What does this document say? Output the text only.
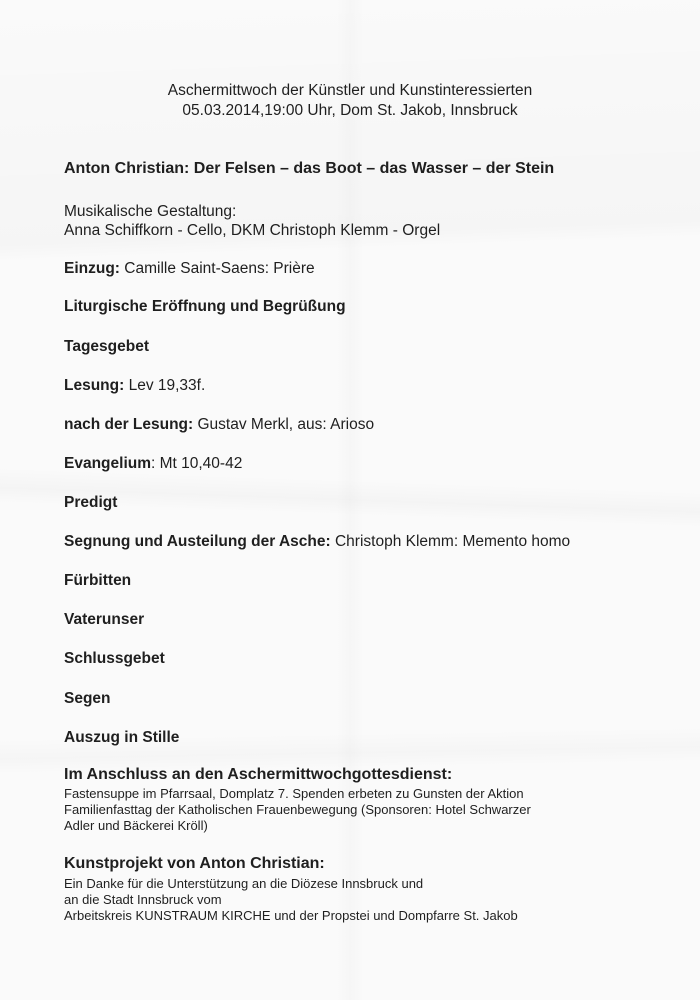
Aschermittwoch der Künstler und Kunstinteressierten
05.03.2014,19:00 Uhr, Dom St. Jakob, Innsbruck
Anton Christian: Der Felsen – das Boot – das Wasser – der Stein
Musikalische Gestaltung:
Anna Schiffkorn - Cello, DKM Christoph Klemm - Orgel
Einzug: Camille Saint-Saens: Prière
Liturgische Eröffnung und Begrüßung
Tagesgebet
Lesung: Lev 19,33f.
nach der Lesung: Gustav Merkl, aus: Arioso
Evangelium: Mt 10,40-42
Predigt
Segnung und Austeilung der Asche: Christoph Klemm: Memento homo
Fürbitten
Vaterunser
Schlussgebet
Segen
Auszug in Stille
Im Anschluss an den Aschermittwochgottesdienst:
Fastensuppe im Pfarrsaal, Domplatz 7. Spenden erbeten zu Gunsten der Aktion
Familienfasttag der Katholischen Frauenbewegung (Sponsoren: Hotel Schwarzer
Adler und Bäckerei Kröll)
Kunstprojekt von Anton Christian:
Ein Danke für die Unterstützung an die Diözese Innsbruck und
an die Stadt Innsbruck vom
Arbeitskreis KUNSTRAUM KIRCHE und der Propstei und Dompfarre St. Jakob
